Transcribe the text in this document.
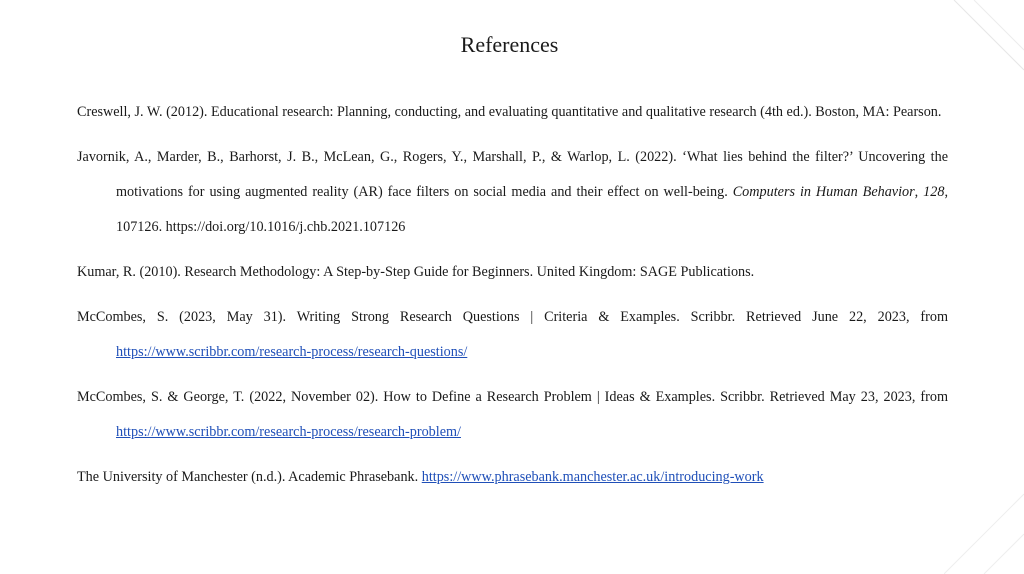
References
Creswell, J. W. (2012). Educational research: Planning, conducting, and evaluating quantitative and qualitative research (4th ed.). Boston, MA: Pearson.
Javornik, A., Marder, B., Barhorst, J. B., McLean, G., Rogers, Y., Marshall, P., & Warlop, L. (2022). ‘What lies behind the filter?’ Uncovering the motivations for using augmented reality (AR) face filters on social media and their effect on well-being. Computers in Human Behavior, 128, 107126. https://doi.org/10.1016/j.chb.2021.107126
Kumar, R. (2010). Research Methodology: A Step-by-Step Guide for Beginners. United Kingdom: SAGE Publications.
McCombes, S. (2023, May 31). Writing Strong Research Questions | Criteria & Examples. Scribbr. Retrieved June 22, 2023, from https://www.scribbr.com/research-process/research-questions/
McCombes, S. & George, T. (2022, November 02). How to Define a Research Problem | Ideas & Examples. Scribbr. Retrieved May 23, 2023, from https://www.scribbr.com/research-process/research-problem/
The University of Manchester (n.d.). Academic Phrasebank. https://www.phrasebank.manchester.ac.uk/introducing-work
